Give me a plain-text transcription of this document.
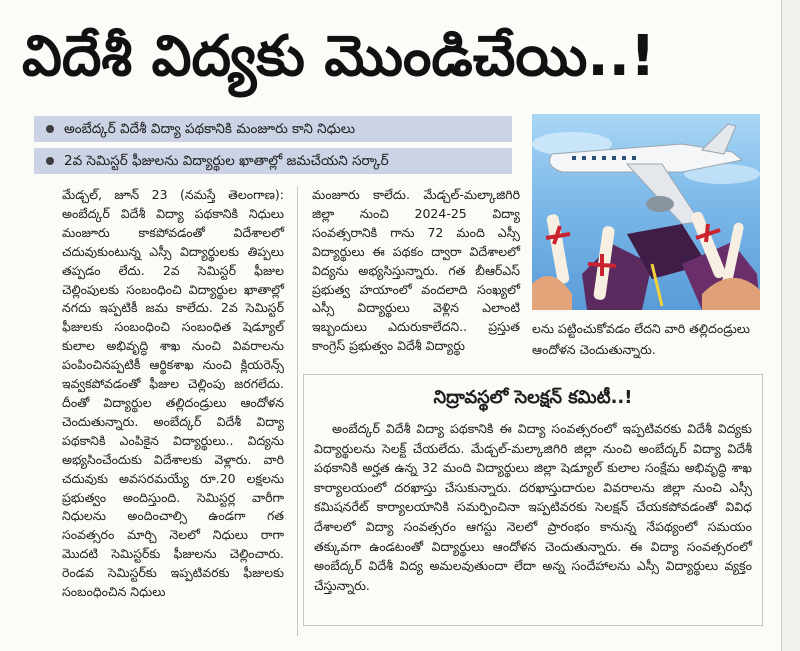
విదేశీ విద్యకు మొండిచేయి..!
అంబేద్కర్ విదేశీ విద్యా పథకానికి మంజూరు కాని నిధులు
2వ సెమిస్టర్ ఫీజులను విద్యార్థుల ఖాతాల్లో జమచేయని సర్కార్
మేడ్చల్, జూన్ 23 (నమస్తే తెలంగాణ): అంబేద్కర్ విదేశీ విద్యా పథకానికి నిధులు మంజూరు కాకపోవడంతో విదేశాలలో చదువుకుంటున్న ఎస్సీ విద్యార్థులకు తిప్పలు తప్పడం లేదు. 2వ సెమిస్టర్ ఫీజుల చెల్లింపులకు సంబంధించి విద్యార్థుల ఖాతాల్లో నగదు ఇప్పటికీ జమ కాలేదు. 2వ సెమిస్టర్ ఫీజులకు సంబంధించి సంబంధిత షెడ్యూల్ కులాల అభివృద్ధి శాఖ నుంచి వివరాలను పంపించినప్పటికీ ఆర్థికశాఖ నుంచి క్లియరెన్స్ ఇవ్వకపోవడంతో ఫీజుల చెల్లింపు జరగలేదు. దీంతో విద్యార్థుల తల్లిదండ్రులు ఆందోళన చెందుతున్నారు. అంబేద్కర్ విదేశీ విద్యా పథకానికి ఎంపికైన విద్యార్థులు.. విద్యను అభ్యసించేందుకు విదేశాలకు వెళ్లారు. వారి చదువుకు అవసరమయ్యే రూ.20 లక్షలను ప్రభుత్వం అందిస్తుంది. సెమిస్టర్ల వారీగా నిధులను అందించాల్సి ఉండగా గత సంవత్సరం మార్చి నెలలో నిధులు రాగా మొదటి సెమిస్టర్‌కు ఫీజులను చెల్లించారు. రెండవ సెమిస్టర్‌కు ఇప్పటివరకు ఫీజులకు సంబంధించిన నిధులు
మంజూరు కాలేదు. మేడ్చల్-మల్కాజిగిరి జిల్లా నుంచి 2024-25 విద్యా సంవత్సరానికి గాను 72 మంది ఎస్సీ విద్యార్థులు ఈ పథకం ద్వారా విదేశాలలో విద్యను అభ్యసిస్తున్నారు. గత బీఆర్ఎస్ ప్రభుత్వ హయాంలో వందలాది సంఖ్యలో ఎస్సీ విద్యార్థులు వెళ్లిన ఎలాంటి ఇబ్బందులు ఎదురుకాలేదని.. ప్రస్తుత కాంగ్రెస్ ప్రభుత్వం విదేశీ విద్యార్థు
లను పట్టించుకోవడం లేదని వారి తల్లిదండ్రులు ఆందోళన చెందుతున్నారు.
నిద్రావస్థలో సెలక్షన్ కమిటీ..!
అంబేద్కర్ విదేశీ విద్యా పథకానికి ఈ విద్యా సంవత్సరంలో ఇప్పటివరకు విదేశీ విద్యకు విద్యార్థులను సెలక్ట్ చేయలేదు. మేడ్చల్-మల్కాజిగిరి జిల్లా నుంచి అంబేద్కర్ విద్యా విదేశీ పథకానికి అర్హత ఉన్న 32 మంది విద్యార్థులు జిల్లా షెడ్యూల్ కులాల సంక్షేమ అభివృద్ధి శాఖ కార్యాలయంలో దరఖాస్తు చేసుకున్నారు. దరఖాస్తుదారుల వివరాలను జిల్లా నుంచి ఎస్సీ కమిషనరేట్ కార్యాలయానికి సమర్పించినా ఇప్పటివరకు సెలక్షన్ చేయకపోవడంతో వివిధ దేశాలలో విద్యా సంవత్సరం ఆగస్టు నెలలో ప్రారంభం కానున్న నేపథ్యంలో సమయం తక్కువగా ఉండటంతో విద్యార్థులు ఆందోళన చెందుతున్నారు. ఈ విద్యా సంవత్సరంలో అంబేద్కర్ విదేశీ విద్య అమలవుతుందా లేదా అన్న సందేహాలను ఎస్సీ విద్యార్థులు వ్యక్తం చేస్తున్నారు.
